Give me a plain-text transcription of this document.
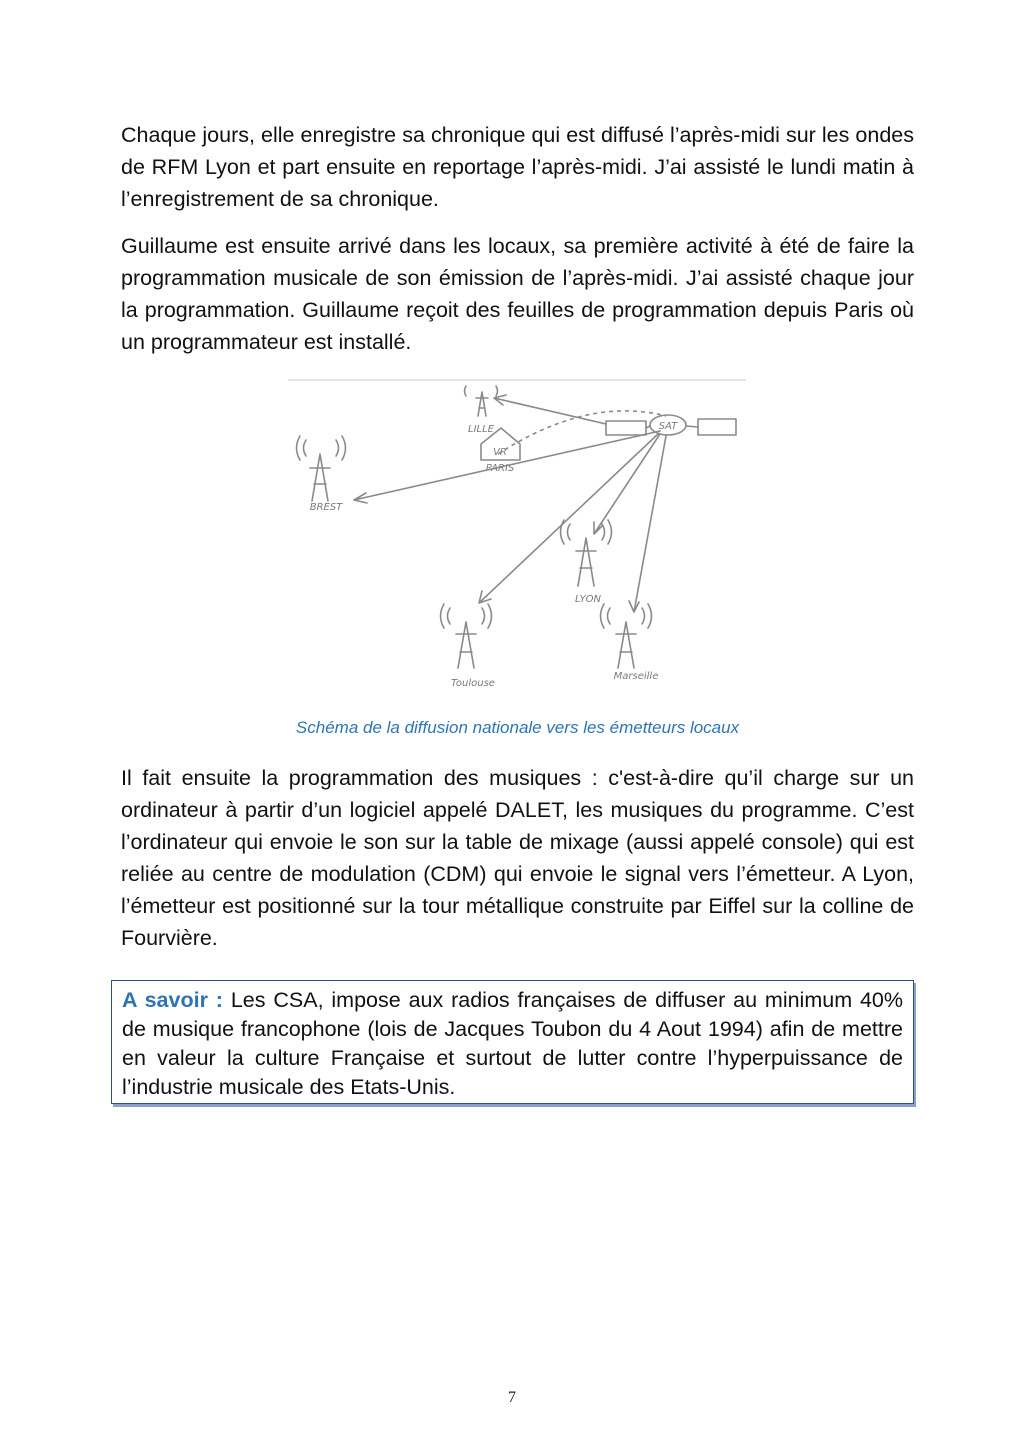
Chaque jours, elle enregistre sa chronique qui est diffusé l’après-midi sur les ondes de RFM Lyon et part ensuite en reportage l’après-midi. J’ai assisté le lundi matin à l’enregistrement de sa chronique.

Guillaume est ensuite arrivé dans les locaux, sa première activité à été de faire la programmation musicale de son émission de l’après-midi. J’ai assisté chaque jour la programmation. Guillaume reçoit des feuilles de programmation depuis Paris où un programmateur est installé.

SAT
VR
PARIS
LILLE
BREST
LYON
Toulouse
Marseille
Schéma de la diffusion nationale vers les émetteurs locaux

Il fait ensuite la programmation des musiques : c'est-à-dire qu’il charge sur un ordinateur à partir d’un logiciel appelé DALET, les musiques du programme. C’est l’ordinateur qui envoie le son sur la table de mixage (aussi appelé console) qui est reliée au centre de modulation (CDM) qui envoie le signal vers l’émetteur. A Lyon, l’émetteur est positionné sur la tour métallique construite par Eiffel sur la colline de Fourvière.

A savoir : Les CSA, impose aux radios françaises de diffuser au minimum 40% de musique francophone (lois de Jacques Toubon du 4 Aout 1994) afin de mettre en valeur la culture Française et surtout de lutter contre l’hyperpuissance de l’industrie musicale des Etats-Unis.
7
